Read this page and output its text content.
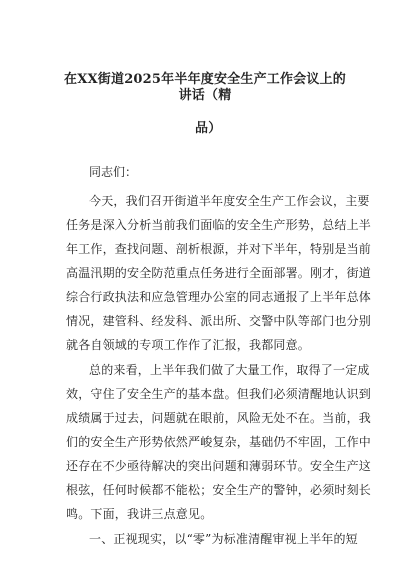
在XX街道2025年半年度安全生产工作会议上的讲话（精
品）
同志们：
今天，我们召开街道半年度安全生产工作会议，主要
任务是深入分析当前我们面临的安全生产形势，总结上半
年工作，查找问题、剖析根源，并对下半年，特别是当前
高温汛期的安全防范重点任务进行全面部署。刚才，街道
综合行政执法和应急管理办公室的同志通报了上半年总体
情况，建管科、经发科、派出所、交警中队等部门也分别
就各自领域的专项工作作了汇报，我都同意。
总的来看，上半年我们做了大量工作，取得了一定成
效，守住了安全生产的基本盘。但我们必须清醒地认识到
成绩属于过去，问题就在眼前，风险无处不在。当前，我
们的安全生产形势依然严峻复杂，基础仍不牢固，工作中
还存在不少亟待解决的突出问题和薄弱环节。安全生产这
根弦，任何时候都不能松；安全生产的警钟，必须时刻长
鸣。下面，我讲三点意见。
一、正视现实，以“零”为标准清醒审视上半年的短
